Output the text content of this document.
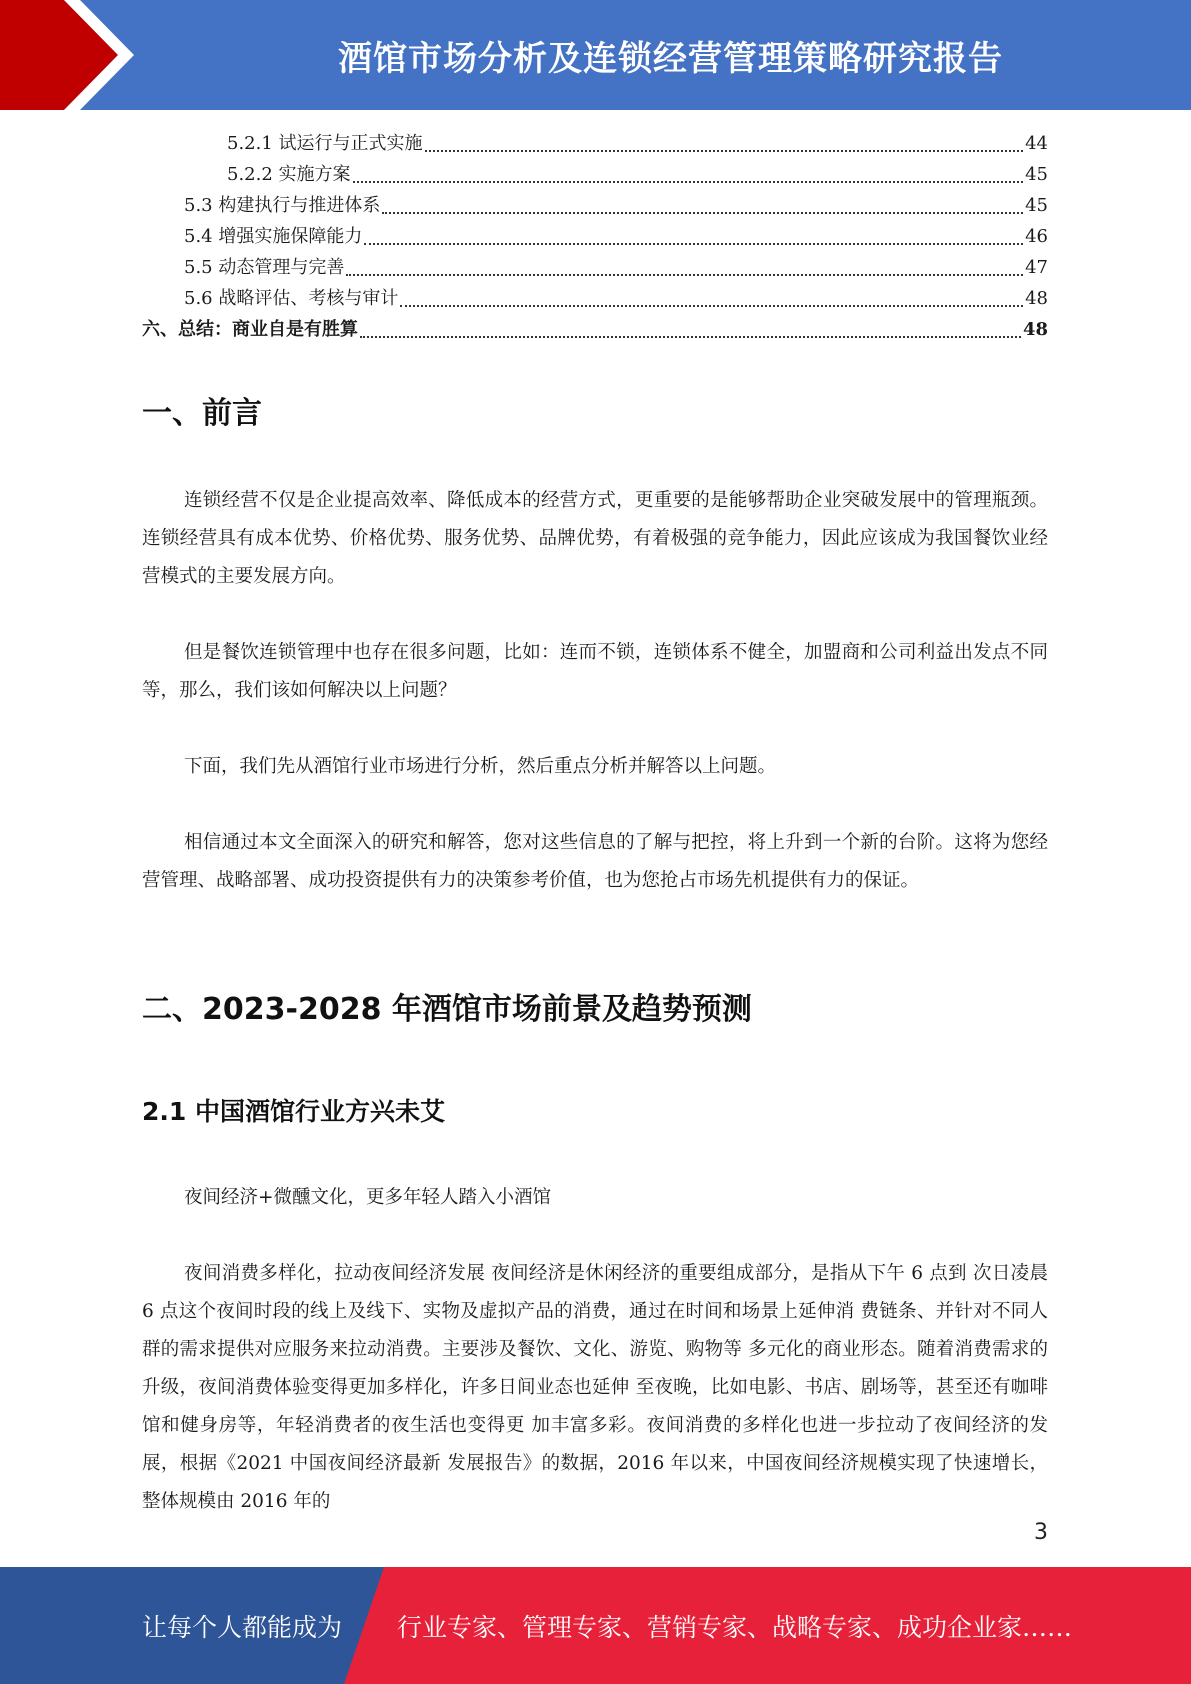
酒馆市场分析及连锁经营管理策略研究报告
5.2.1 试运行与正式实施	44
5.2.2 实施方案	45
5.3 构建执行与推进体系	45
5.4 增强实施保障能力	46
5.5 动态管理与完善	47
5.6 战略评估、考核与审计	48
六、总结：商业自是有胜算	48
一、前言

连锁经营不仅是企业提高效率、降低成本的经营方式，更重要的是能够帮助企业突破发展中的管理瓶颈。连锁经营具有成本优势、价格优势、服务优势、品牌优势，有着极强的竞争能力，因此应该成为我国餐饮业经营模式的主要发展方向。

但是餐饮连锁管理中也存在很多问题，比如：连而不锁，连锁体系不健全，加盟商和公司利益出发点不同等，那么，我们该如何解决以上问题？

下面，我们先从酒馆行业市场进行分析，然后重点分析并解答以上问题。

相信通过本文全面深入的研究和解答，您对这些信息的了解与把控，将上升到一个新的台阶。这将为您经营管理、战略部署、成功投资提供有力的决策参考价值，也为您抢占市场先机提供有力的保证。

二、2023-2028 年酒馆市场前景及趋势预测
2.1 中国酒馆行业方兴未艾

夜间经济+微醺文化，更多年轻人踏入小酒馆

夜间消费多样化，拉动夜间经济发展 夜间经济是休闲经济的重要组成部分，是指从下午 6 点到 次日凌晨 6 点这个夜间时段的线上及线下、实物及虚拟产品的消费，通过在时间和场景上延伸消 费链条、并针对不同人群的需求提供对应服务来拉动消费。主要涉及餐饮、文化、游览、购物等 多元化的商业形态。随着消费需求的升级，夜间消费体验变得更加多样化，许多日间业态也延伸 至夜晚，比如电影、书店、剧场等，甚至还有咖啡馆和健身房等，年轻消费者的夜生活也变得更 加丰富多彩。夜间消费的多样化也进一步拉动了夜间经济的发展，根据《2021 中国夜间经济最新 发展报告》的数据，2016 年以来，中国夜间经济规模实现了快速增长，整体规模由 2016 年的

3
让每个人都能成为 行业专家、管理专家、营销专家、战略专家、成功企业家……
